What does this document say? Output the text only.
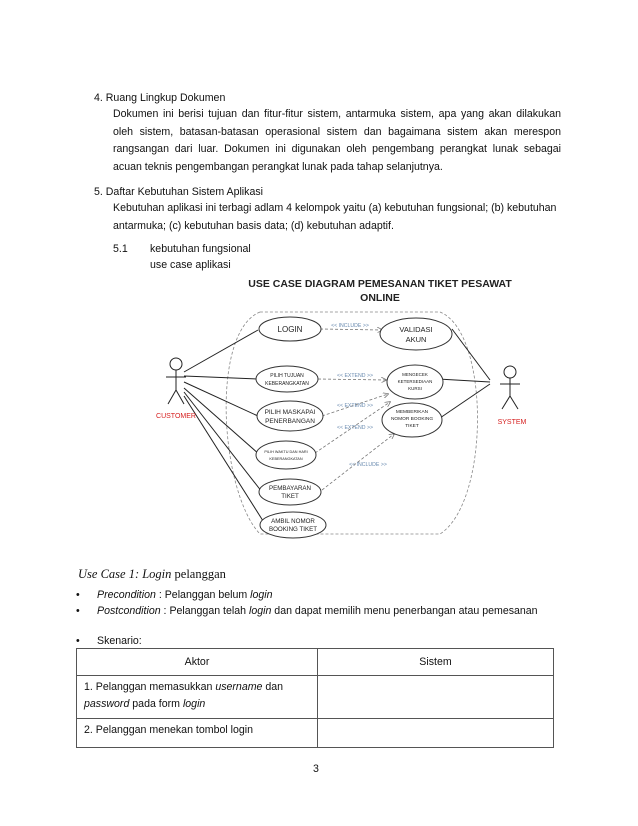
4. Ruang Lingkup Dokumen
Dokumen ini berisi tujuan dan fitur-fitur sistem, antarmuka sistem, apa yang akan dilakukan oleh sistem, batasan-batasan operasional sistem dan bagaimana sistem akan merespon rangsangan dari luar. Dokumen ini digunakan oleh pengembang perangkat lunak sebagai acuan teknis pengembangan perangkat lunak pada tahap selanjutnya.
5. Daftar Kebutuhan Sistem Aplikasi
Kebutuhan aplikasi ini terbagi adlam 4 kelompok yaitu (a) kebutuhan fungsional; (b) kebutuhan antarmuka; (c) kebutuhan basis data; (d) kebutuhan adaptif.
5.1 kebutuhan fungsional
use case aplikasi
USE CASE DIAGRAM PEMESANAN TIKET PESAWAT
ONLINE
LOGIN
PILIH TUJUAN
KEBERANGKATAN
PILIH MASKAPAI
PENERBANGAN
PILIH WAKTU DAN HARI
KEBERANGKATAN
PEMBAYARAN
TIKET
AMBIL NOMOR
BOOKING TIKET
VALIDASI
AKUN
MENGECEK
KETERSEDIAAN
KURSI
MEMBERIKAN
NOMOR BOOKING
TIKET
<< INCLUDE >>
<< EXTEND >>
<< EXTEND >>
<< EXTEND >>
<< INCLUDE >>
CUSTOMER
SYSTEM
Use Case 1: Login pelanggan
• Precondition : Pelanggan belum login
• Postcondition : Pelanggan telah login dan dapat memilih menu penerbangan atau pemesanan
• Skenario:
Aktor	Sistem
1. Pelanggan memasukkan username dan
password pada form login	
2. Pelanggan menekan tombol login	
3
